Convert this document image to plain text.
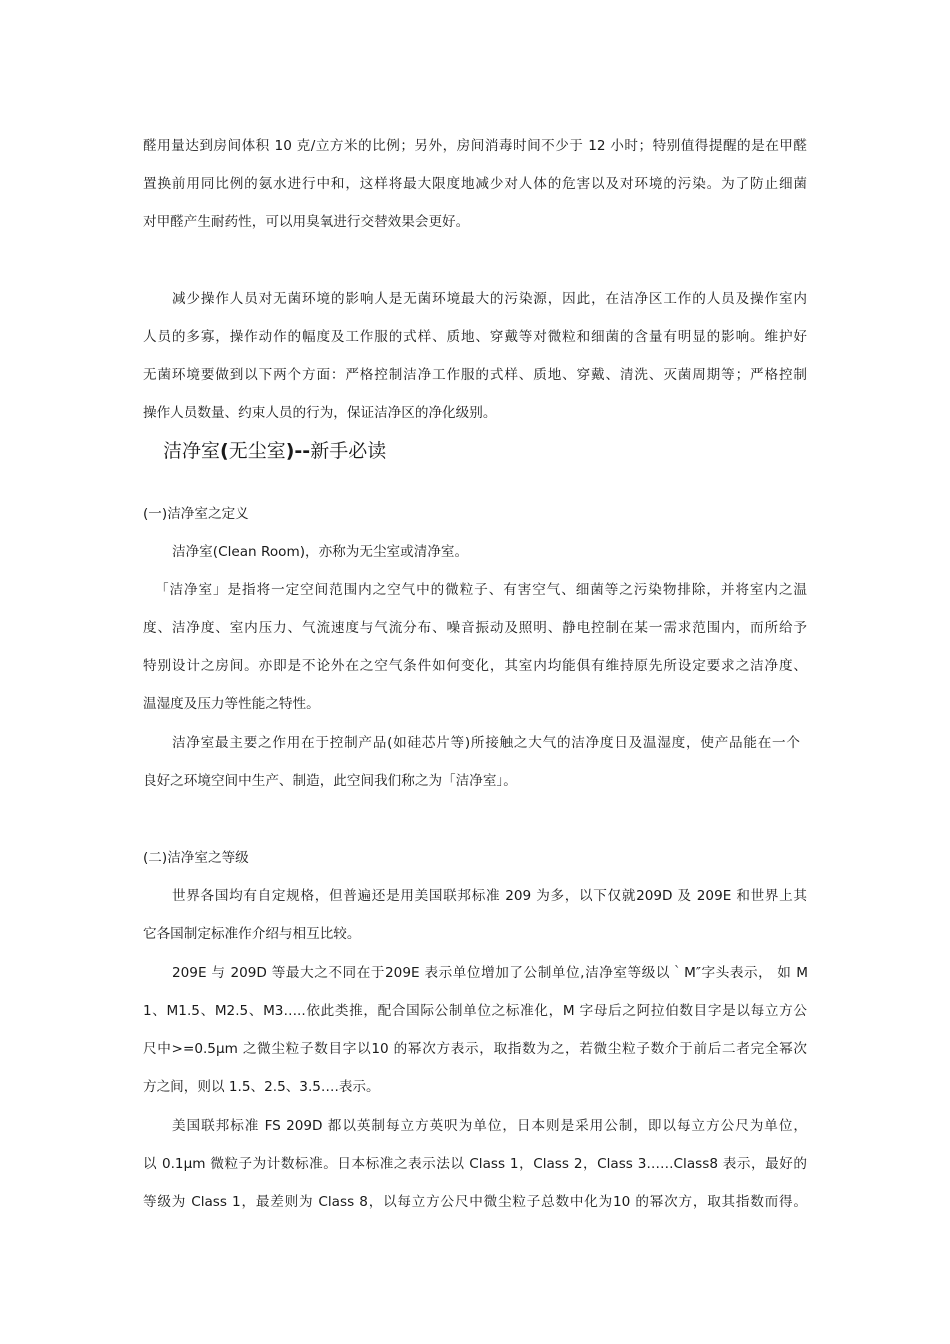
醛用量达到房间体积 10 克/立方米的比例；另外，房间消毒时间不少于 12 小时；特别值得提醒的是在甲醛
置换前用同比例的氨水进行中和，这样将最大限度地减少对人体的危害以及对环境的污染。为了防止细菌
对甲醛产生耐药性，可以用臭氧进行交替效果会更好。
减少操作人员对无菌环境的影响人是无菌环境最大的污染源，因此，在洁净区工作的人员及操作室内
人员的多寡，操作动作的幅度及工作服的式样、质地、穿戴等对微粒和细菌的含量有明显的影响。维护好
无菌环境要做到以下两个方面：严格控制洁净工作服的式样、质地、穿戴、清洗、灭菌周期等；严格控制
操作人员数量、约束人员的行为，保证洁净区的净化级别。
洁净室(无尘室)--新手必读
(一)洁净室之定义
洁净室(Clean Room)，亦称为无尘室或清净室。
「洁净室」是指将一定空间范围内之空气中的微粒子、有害空气、细菌等之污染物排除，并将室内之温
度、洁净度、室内压力、气流速度与气流分布、噪音振动及照明、静电控制在某一需求范围内，而所给予
特别设计之房间。亦即是不论外在之空气条件如何变化，其室内均能俱有维持原先所设定要求之洁净度、
温湿度及压力等性能之特性。
洁净室最主要之作用在于控制产品(如硅芯片等)所接触之大气的洁净度日及温湿度，使产品能在一个
良好之环境空间中生产、制造，此空间我们称之为「洁净室」。
(二)洁净室之等级
世界各国均有自定规格，但普遍还是用美国联邦标准 209 为多，以下仅就209D 及 209E 和世界上其
它各国制定标准作介绍与相互比较。
209E 与 209D 等最大之不同在于209E 表示单位增加了公制单位,洁净室等级以｀M″字头表示， 如 M
1、M1.5、M2.5、M3…..依此类推，配合国际公制单位之标准化，M 字母后之阿拉伯数目字是以每立方公
尺中>=0.5μm 之微尘粒子数目字以10 的幂次方表示，取指数为之，若微尘粒子数介于前后二者完全幂次
方之间，则以 1.5、2.5、3.5….表示。
美国联邦标准 FS 209D 都以英制每立方英呎为单位，日本则是采用公制，即以每立方公尺为单位，
以 0.1μm 微粒子为计数标准。日本标准之表示法以 Class 1，Class 2，Class 3……Class8 表示，最好的
等级为 Class 1，最差则为 Class 8，以每立方公尺中微尘粒子总数中化为10 的幂次方，取其指数而得。
